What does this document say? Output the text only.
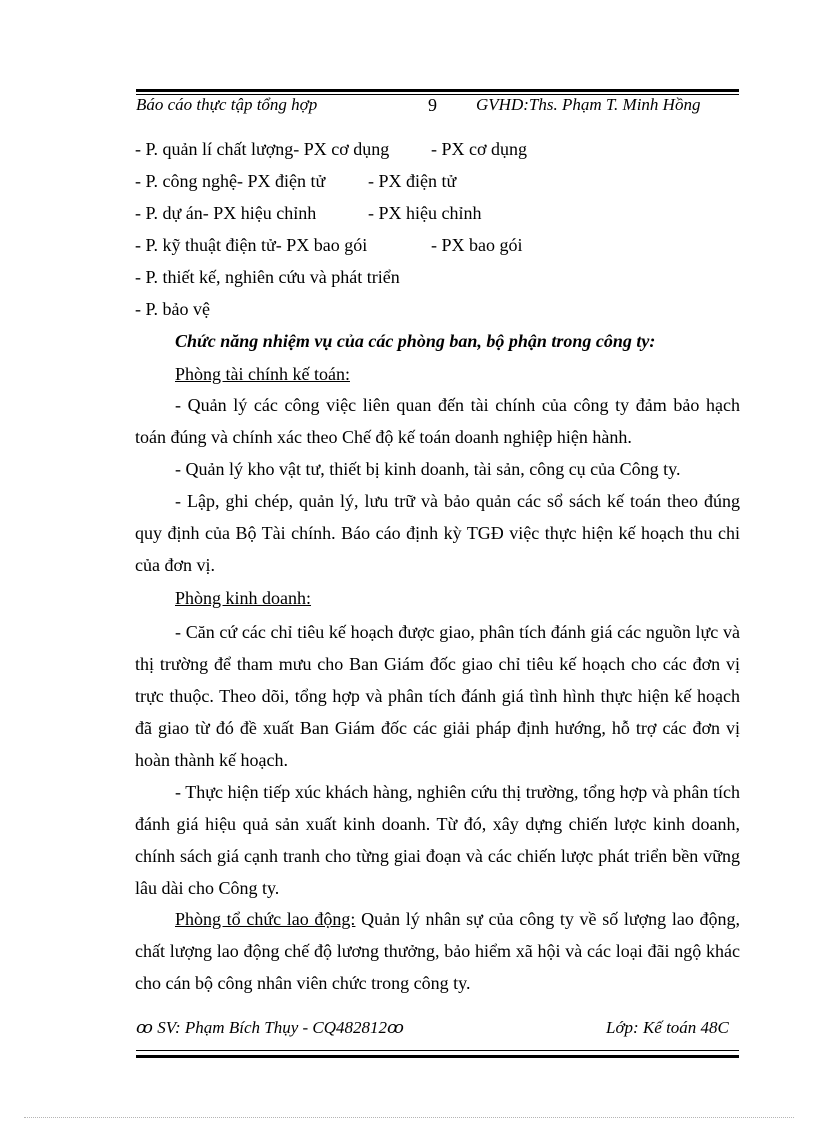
Báo cáo thực tập tổng hợp	9 GVHD:Ths. Phạm T. Minh Hồng
- P. quản lí chất lượng- PX cơ dụng - PX cơ dụng
- P. công nghệ- PX điện tử - PX điện tử
- P. dự án- PX hiệu chỉnh	- PX hiệu chỉnh
- P. kỹ thuật điện tử- PX bao gói	- PX bao gói
- P. thiết kế, nghiên cứu và phát triển
- P. bảo vệ
Chức năng nhiệm vụ của các phòng ban, bộ phận trong công ty:
Phòng tài chính kế toán:

- Quản lý các công việc liên quan đến tài chính của công ty đảm bảo hạch toán đúng và chính xác theo Chế độ kế toán doanh nghiệp hiện hành.

- Quản lý kho vật tư, thiết bị kinh doanh, tài sản, công cụ của Công ty.

- Lập, ghi chép, quản lý, lưu trữ và bảo quản các sổ sách kế toán theo đúng quy định của Bộ Tài chính. Báo cáo định kỳ TGĐ việc thực hiện kế hoạch thu chi của đơn vị.

Phòng kinh doanh:

- Căn cứ các chỉ tiêu kế hoạch được giao, phân tích đánh giá các nguồn lực và thị trường để tham mưu cho Ban Giám đốc giao chỉ tiêu kế hoạch cho các đơn vị trực thuộc. Theo dõi, tổng hợp và phân tích đánh giá tình hình thực hiện kế hoạch đã giao từ đó đề xuất Ban Giám đốc các giải pháp định hướng, hỗ trợ các đơn vị hoàn thành kế hoạch.

- Thực hiện tiếp xúc khách hàng, nghiên cứu thị trường, tổng hợp và phân tích đánh giá hiệu quả sản xuất kinh doanh. Từ đó, xây dựng chiến lược kinh doanh, chính sách giá cạnh tranh cho từng giai đoạn và các chiến lược phát triển bền vững lâu dài cho Công ty.

Phòng tổ chức lao động: Quản lý nhân sự của công ty về số lượng lao động, chất lượng lao động chế độ lương thưởng, bảo hiểm xã hội và các loại đãi ngộ khác cho cán bộ công nhân viên chức trong công ty.

ꝏ SV: Phạm Bích Thụy - CQ482812ꝏ	Lớp: Kế toán 48C
